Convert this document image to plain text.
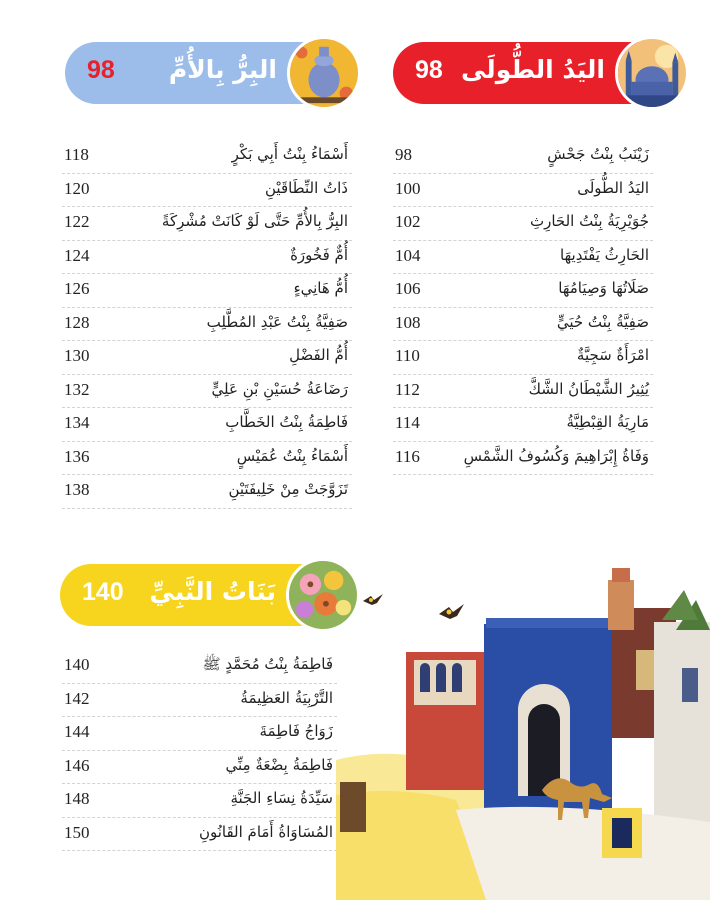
98 اليَدُ الطُّولَى
98 البِرُّ بِالأُمِّ
140 بَنَاتُ النَّبِيِّ
زَيْنَبُ بِنْتُ جَحْشٍ
98
اليَدُ الطُّولَى
100
جُوَيْرِيَةُ بِنْتُ الحَارِثِ
102
الحَارِثُ يَفْتَدِيهَا
104
صَلَاتُهَا وَصِيَامُهَا
106
صَفِيَّةُ بِنْتُ حُيَيٍّ
108
امْرَأَةٌ سَجِيَّةٌ
110
يُثِيرُ الشَّيْطَانُ الشَّكَّ
112
مَارِيَةُ القِبْطِيَّةُ
114
وَفَاةُ إِبْرَاهِيمَ وَكُسُوفُ الشَّمْسِ
116
أَسْمَاءُ بِنْتُ أَبِي بَكْرٍ
118
ذَاتُ النِّطَاقَيْنِ
120
البِرُّ بِالأُمِّ حَتَّى لَوْ كَانَتْ مُشْرِكَةً
122
أُمٌّ فَخُورَةٌ
124
أُمُّ هَانِيءٍ
126
صَفِيَّةُ بِنْتُ عَبْدِ المُطَّلِبِ
128
أُمُّ الفَضْلِ
130
رَضَاعَةُ حُسَيْنِ بْنِ عَلِيٍّ
132
فَاطِمَةُ بِنْتُ الخَطَّابِ
134
أَسْمَاءُ بِنْتُ عُمَيْسٍ
136
تَزَوَّجَتْ مِنْ خَلِيفَتَيْنِ
138
فَاطِمَةُ بِنْتُ مُحَمَّدٍ ﷺ
140
التَّرْبِيَةُ العَظِيمَةُ
142
زَوَاجُ فَاطِمَةَ
144
فَاطِمَةُ بِضْعَةٌ مِنِّي
146
سَيِّدَةُ نِسَاءِ الجَنَّةِ
148
المُسَاوَاةُ أَمَامَ القَانُونِ
150
